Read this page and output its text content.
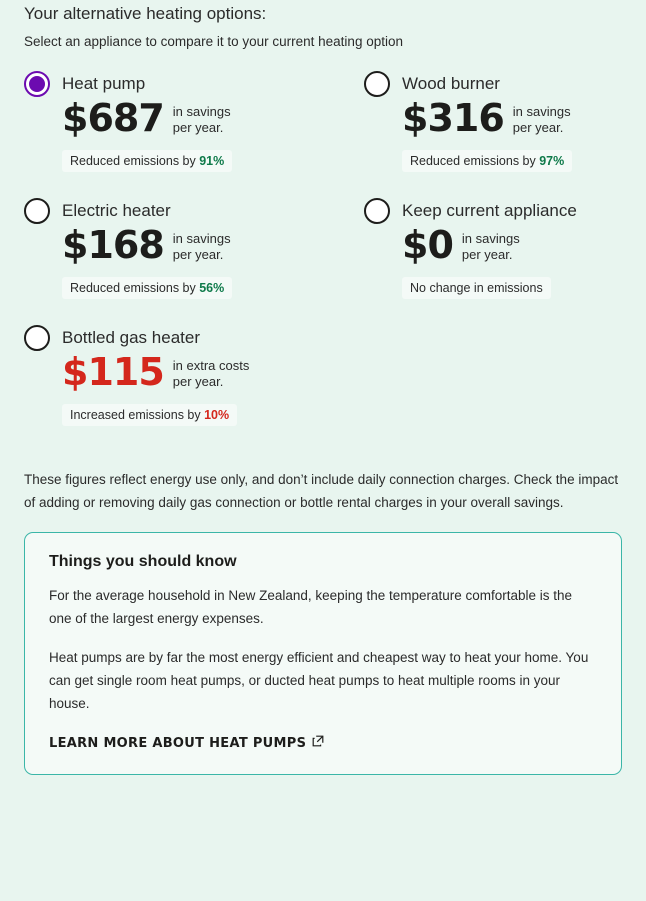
Your alternative heating options:

Select an appliance to compare it to your current heating option

Heat pump
$687 in savings
per year.
Reduced emissions by 91%
Wood burner
$316 in savings
per year.
Reduced emissions by 97%
Electric heater
$168 in savings
per year.
Reduced emissions by 56%
Keep current appliance
$0 in savings
per year.
No change in emissions
Bottled gas heater
$115 in extra costs
per year.
Increased emissions by 10%

These figures reflect energy use only, and don’t include daily connection charges. Check the impact of adding or removing daily gas connection or bottle rental charges in your overall savings.

Things you should know

For the average household in New Zealand, keeping the temperature comfortable is the one of the largest energy expenses.

Heat pumps are by far the most energy efficient and cheapest way to heat your home. You can get single room heat pumps, or ducted heat pumps to heat multiple rooms in your house.

LEARN MORE ABOUT HEAT PUMPS
